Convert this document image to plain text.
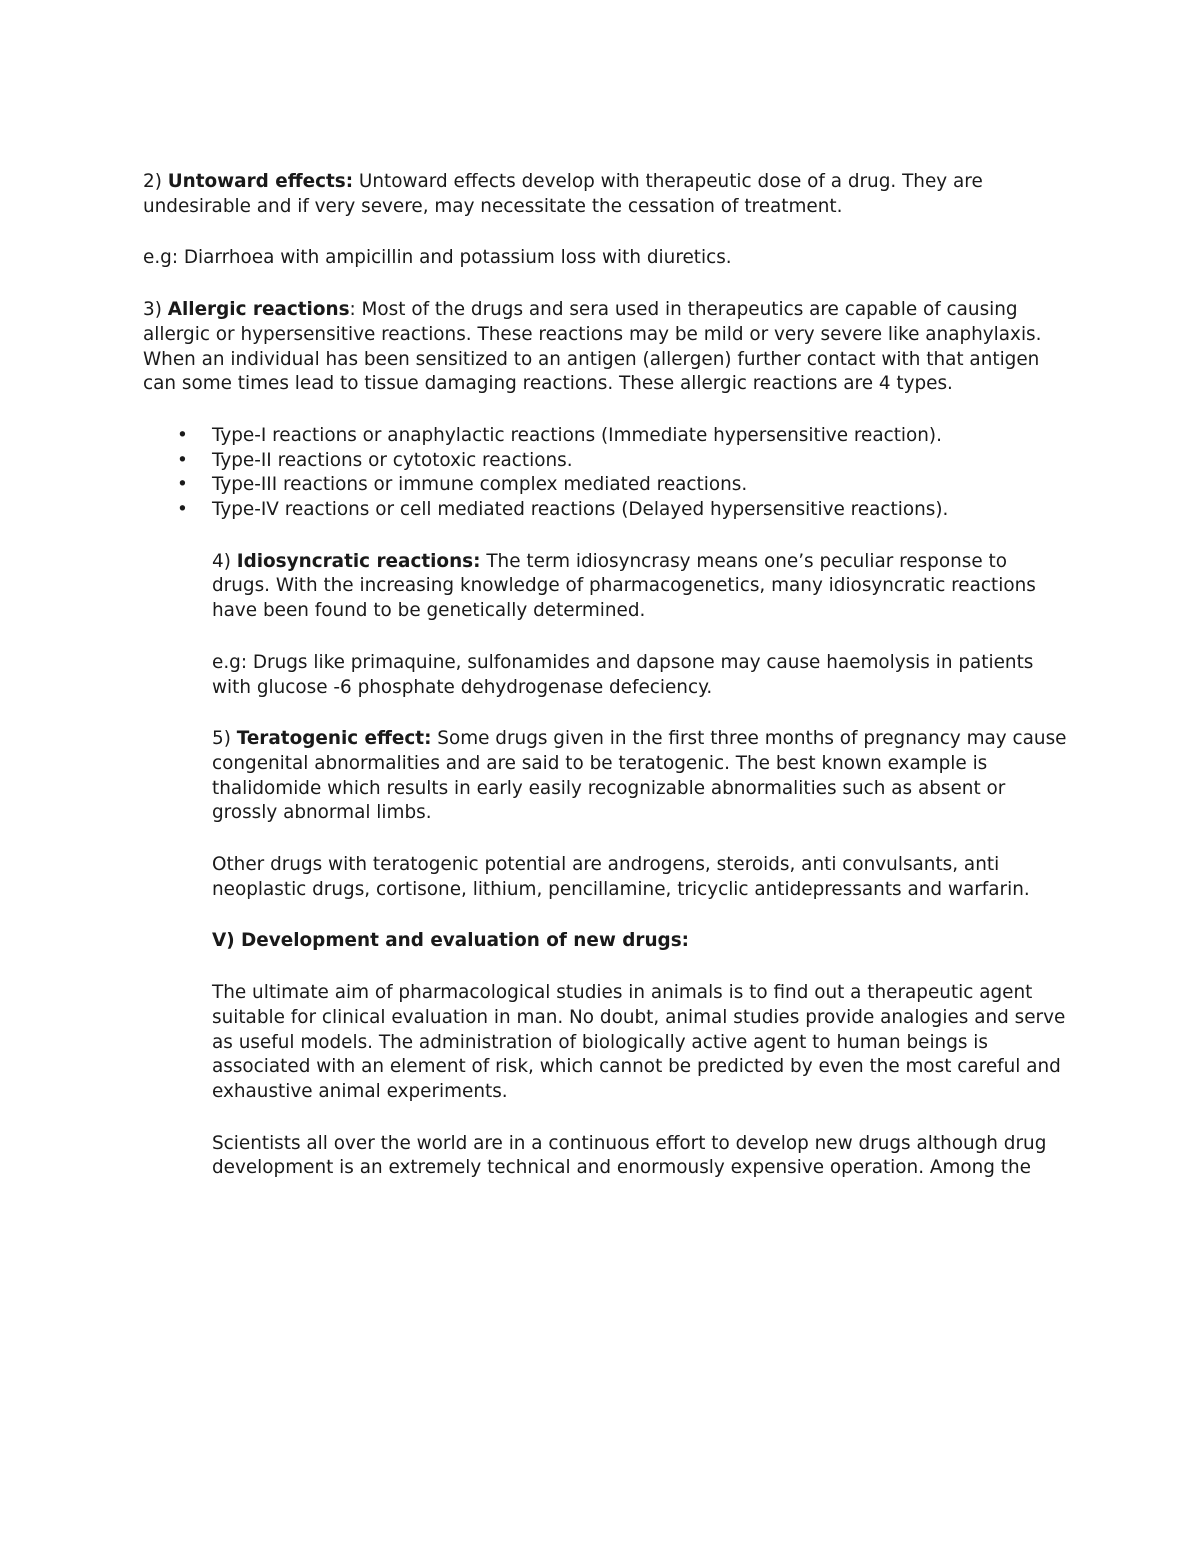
2) Untoward effects: Untoward effects develop with therapeutic dose of a drug. They are undesirable and if very severe, may necessitate the cessation of treatment.

e.g: Diarrhoea with ampicillin and potassium loss with diuretics.

3) Allergic reactions: Most of the drugs and sera used in therapeutics are capable of causing allergic or hypersensitive reactions. These reactions may be mild or very severe like anaphylaxis. When an individual has been sensitized to an antigen (allergen) further contact with that antigen can some times lead to tissue damaging reactions. These allergic reactions are 4 types.

• Type-I reactions or anaphylactic reactions (Immediate hypersensitive reaction).
• Type-II reactions or cytotoxic reactions.
• Type-III reactions or immune complex mediated reactions.
• Type-IV reactions or cell mediated reactions (Delayed hypersensitive reactions).

4) Idiosyncratic reactions: The term idiosyncrasy means one’s peculiar response to drugs. With the increasing knowledge of pharmacogenetics, many idiosyncratic reactions have been found to be genetically determined.

e.g: Drugs like primaquine, sulfonamides and dapsone may cause haemolysis in patients with glucose -6 phosphate dehydrogenase defeciency.

5) Teratogenic effect: Some drugs given in the first three months of pregnancy may cause congenital abnormalities and are said to be teratogenic. The best known example is thalidomide which results in early easily recognizable abnormalities such as absent or grossly abnormal limbs.

Other drugs with teratogenic potential are androgens, steroids, anti convulsants, anti neoplastic drugs, cortisone, lithium, pencillamine, tricyclic antidepressants and warfarin.

V) Development and evaluation of new drugs:

The ultimate aim of pharmacological studies in animals is to find out a therapeutic agent suitable for clinical evaluation in man. No doubt, animal studies provide analogies and serve as useful models. The administration of biologically active agent to human beings is associated with an element of risk, which cannot be predicted by even the most careful and exhaustive animal experiments.

Scientists all over the world are in a continuous effort to develop new drugs although drug development is an extremely technical and enormously expensive operation. Among the
